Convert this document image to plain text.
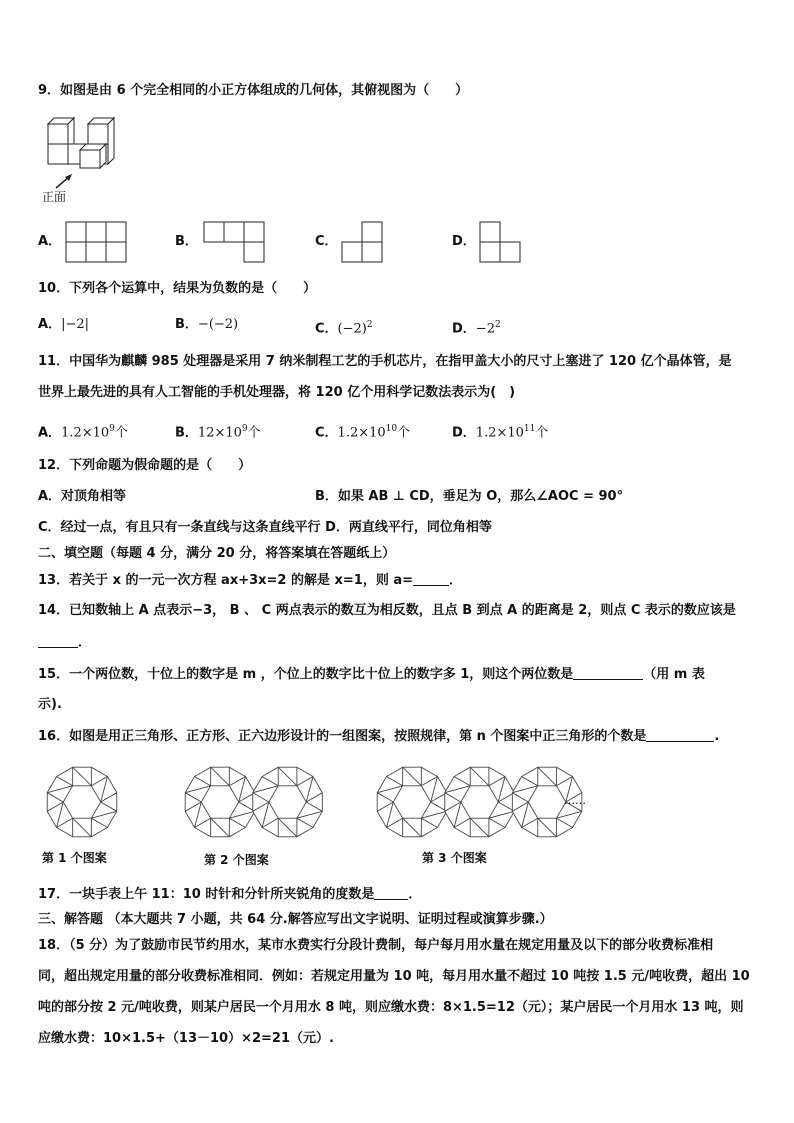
9．如图是由 6 个完全相同的小正方体组成的几何体，其俯视图为（　　）
正面
A．	B．	C．	D．
10．下列各个运算中，结果为负数的是（　　）
A．|−2|	B．−(−2)	C．$(-2)^2$	D．$-2^2$
11．中国华为麒麟 985 处理器是采用 7 纳米制程工艺的手机芯片，在指甲盖大小的尺寸上塞进了 120 亿个晶体管，是
世界上最先进的具有人工智能的手机处理器，将 120 亿个用科学记数法表示为(　)
A．$1.2\times 10^9$个	B．$12\times 10^9$个	C．$1.2\times 10^{10}$个	D．$1.2\times 10^{11}$个
12．下列命题为假命题的是（　　）
A．对顶角相等	B．如果 AB ⊥ CD，垂足为 O，那么∠AOC = 90°
C．经过一点，有且只有一条直线与这条直线平行 D．两直线平行，同位角相等
二、填空题（每题 4 分，满分 20 分，将答案填在答题纸上）
13．若关于 x 的一元一次方程 ax+3x=2 的解是 x=1，则 a=	．
14．已知数轴上 A 点表示−3， B 、 C 两点表示的数互为相反数，且点 B 到点 A 的距离是 2，则点 C 表示的数应该是
．
15．一个两位数，十位上的数字是 m ，个位上的数字比十位上的数字多 1，则这个两位数是	（用 m 表
示).
16．如图是用正三角形、正方形、正六边形设计的一组图案，按照规律，第 n 个图案中正三角形的个数是	.
……
第 1 个图案	第 2 个图案	第 3 个图案
17．一块手表上午 11：10 时针和分针所夹锐角的度数是	．
三、解答题 （本大题共 7 小题，共 64 分.解答应写出文字说明、证明过程或演算步骤.）
18．（5 分）为了鼓励市民节约用水，某市水费实行分段计费制，每户每月用水量在规定用量及以下的部分收费标准相
同，超出规定用量的部分收费标准相同．例如：若规定用量为 10 吨，每月用水量不超过 10 吨按 1.5 元/吨收费，超出 10
吨的部分按 2 元/吨收费，则某户居民一个月用水 8 吨，则应缴水费：8×1.5=12（元）；某户居民一个月用水 13 吨，则
应缴水费：10×1.5+（13－10）×2=21（元）.
